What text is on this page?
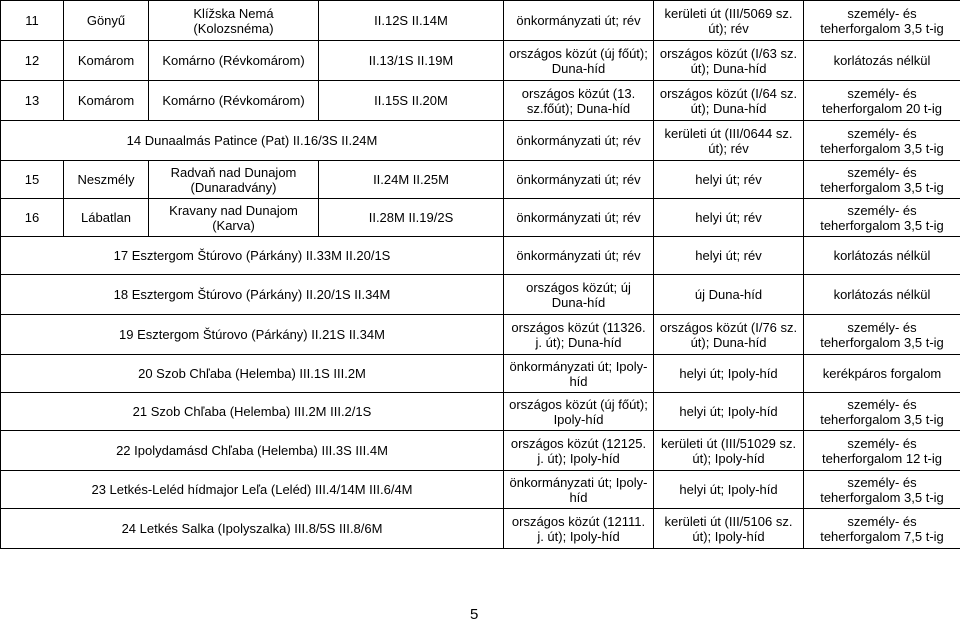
11	Gönyű	Klížska Nemá (Kolozsnéma)	II.12S II.14M	önkormányzati út; rév	kerületi út (III/5069 sz. út); rév	személy- és teherforgalom 3,5 t-ig
12	Komárom	Komárno (Révkomárom)	II.13/1S II.19M	országos közút (új főút); Duna-híd	országos közút (I/63 sz. út); Duna-híd	korlátozás nélkül
13	Komárom	Komárno (Révkomárom)	II.15S II.20M	országos közút (13. sz.főút); Duna-híd	országos közút (I/64 sz. út); Duna-híd	személy- és teherforgalom 20 t-ig
14 Dunaalmás Patince (Pat) II.16/3S II.24M				önkormányzati út; rév	kerületi út (III/0644 sz. út); rév	személy- és teherforgalom 3,5 t-ig
15	Neszmély	Radvaň nad Dunajom (Dunaradvány)	II.24M II.25M	önkormányzati út; rév	helyi út; rév	személy- és teherforgalom 3,5 t-ig
16	Lábatlan	Kravany nad Dunajom (Karva)	II.28M II.19/2S	önkormányzati út; rév	helyi út; rév	személy- és teherforgalom 3,5 t-ig
17 Esztergom Štúrovo (Párkány) II.33M II.20/1S				önkormányzati út; rév	helyi út; rév	korlátozás nélkül
18 Esztergom Štúrovo (Párkány) II.20/1S II.34M				országos közút; új Duna-híd	új Duna-híd	korlátozás nélkül
19 Esztergom Štúrovo (Párkány) II.21S II.34M				országos közút (11326. j. út); Duna-híd	országos közút (I/76 sz. út); Duna-híd	személy- és teherforgalom 3,5 t-ig
20 Szob Chľaba (Helemba) III.1S III.2M				önkormányzati út; Ipoly-híd	helyi út; Ipoly-híd	kerékpáros forgalom
21 Szob Chľaba (Helemba) III.2M III.2/1S				országos közút (új főút); Ipoly-híd	helyi út; Ipoly-híd	személy- és teherforgalom 3,5 t-ig
22 Ipolydamásd Chľaba (Helemba) III.3S III.4M				országos közút (12125. j. út); Ipoly-híd	kerületi út (III/51029 sz. út); Ipoly-híd	személy- és teherforgalom 12 t-ig
23 Letkés-Leléd hídmajor Leľa (Leléd) III.4/14M III.6/4M				önkormányzati út; Ipoly-híd	helyi út; Ipoly-híd	személy- és teherforgalom 3,5 t-ig
24 Letkés Salka (Ipolyszalka) III.8/5S III.8/6M				országos közút (12111. j. út); Ipoly-híd	kerületi út (III/5106 sz. út); Ipoly-híd	személy- és teherforgalom 7,5 t-ig
5
